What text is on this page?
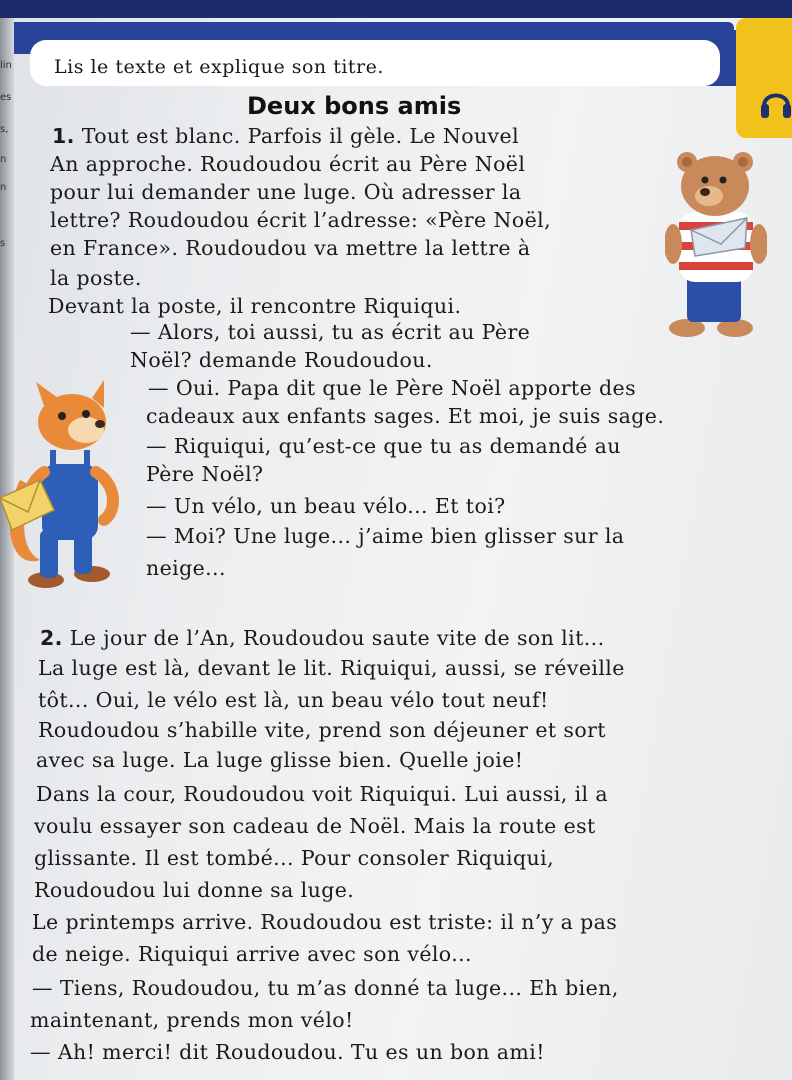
lin
es
s,
n
n
s
Lis le texte et explique son titre.
Deux bons amis
1. Tout est blanc. Parfois il gèle. Le Nouvel
An approche. Roudoudou écrit au Père Noël
pour lui demander une luge. Où adresser la
lettre? Roudoudou écrit l’adresse: «Père Noël,
en France». Roudoudou va mettre la lettre à
la poste.
Devant la poste, il rencontre Riquiqui.
— Alors, toi aussi, tu as écrit au Père
Noël? demande Roudoudou.
— Oui. Papa dit que le Père Noël apporte des
cadeaux aux enfants sages. Et moi, je suis sage.
— Riquiqui, qu’est-ce que tu as demandé au
Père Noël?
— Un vélo, un beau vélo... Et toi?
— Moi? Une luge... j’aime bien glisser sur la
neige...
2. Le jour de l’An, Roudoudou saute vite de son lit...
La luge est là, devant le lit. Riquiqui, aussi, se réveille
tôt... Oui, le vélo est là, un beau vélo tout neuf!
Roudoudou s’habille vite, prend son déjeuner et sort
avec sa luge. La luge glisse bien. Quelle joie!
Dans la cour, Roudoudou voit Riquiqui. Lui aussi, il a
voulu essayer son cadeau de Noël. Mais la route est
glissante. Il est tombé... Pour consoler Riquiqui,
Roudoudou lui donne sa luge.
Le printemps arrive. Roudoudou est triste: il n’y a pas
de neige. Riquiqui arrive avec son vélo...
— Tiens, Roudoudou, tu m’as donné ta luge... Eh bien,
maintenant, prends mon vélo!
— Ah! merci! dit Roudoudou. Tu es un bon ami!
